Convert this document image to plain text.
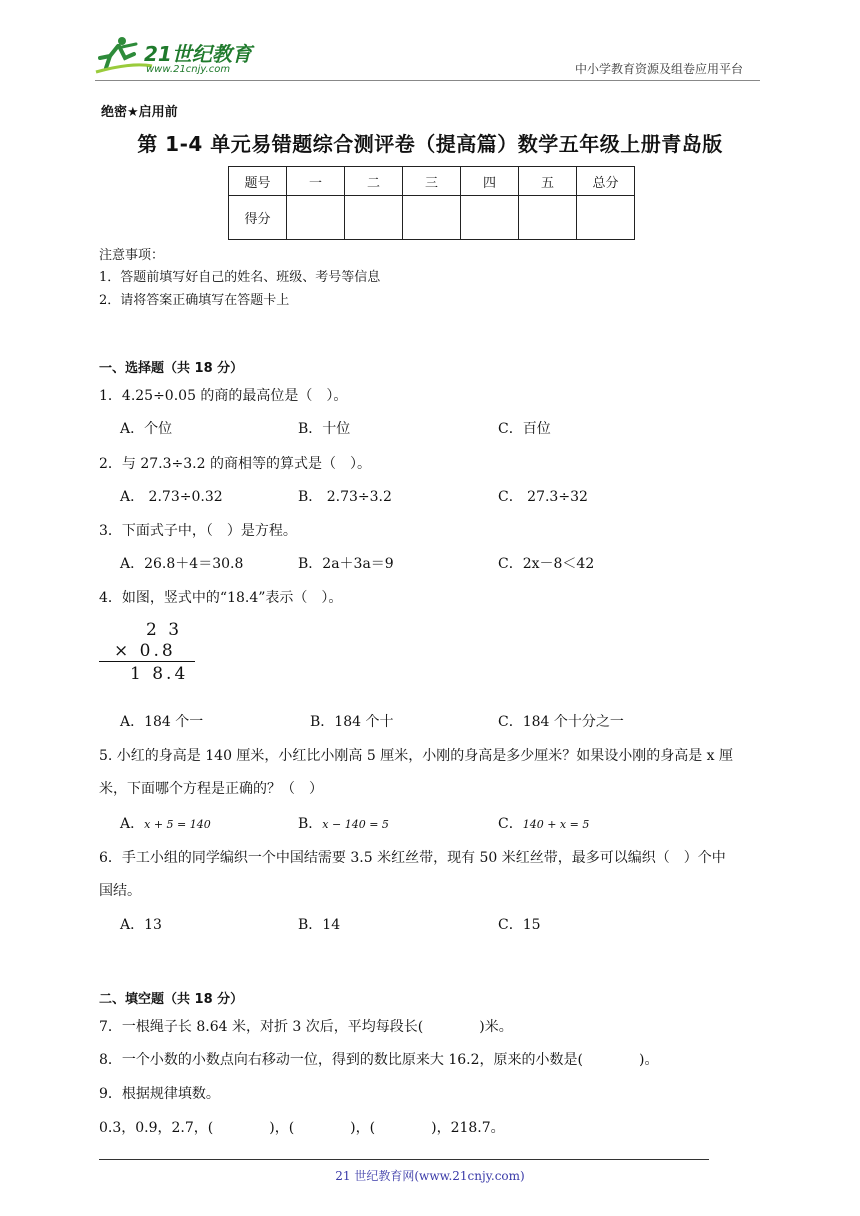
21世纪教育
www.21cnjy.com	中小学教育资源及组卷应用平台
绝密★启用前
第 1-4 单元易错题综合测评卷（提高篇）数学五年级上册青岛版
题号	一	二	三	四	五	总分
得分						
注意事项：
1．答题前填写好自己的姓名、班级、考号等信息
2．请将答案正确填写在答题卡上
一、选择题（共 18 分）
1．4.25÷0.05 的商的最高位是（　）。
A．个位	B．十位	C．百位
2．与 27.3÷3.2 的商相等的算式是（　）。
A． 2.73÷0.32	B． 2.73÷3.2	C． 27.3÷32
3．下面式子中，（　）是方程。
A．26.8＋4＝30.8	B．2a＋3a＝9	C．2x－8＜42
4．如图，竖式中的“18.4”表示（　）。
2 3
× 0.8
1 8.4
A．184 个一	B．184 个十	C．184 个十分之一
5. 小红的身高是 140 厘米，小红比小刚高 5 厘米，小刚的身高是多少厘米？如果设小刚的身高是 x 厘
米，下面哪个方程是正确的？（　）
A．x + 5 = 140	B．x − 140 = 5	C．140 + x = 5
6．手工小组的同学编织一个中国结需要 3.5 米红丝带，现有 50 米红丝带，最多可以编织（　）个中
国结。
A．13	B．14	C．15
二、填空题（共 18 分）
7．一根绳子长 8.64 米，对折 3 次后，平均每段长(　　　　)米。
8．一个小数的小数点向右移动一位，得到的数比原来大 16.2，原来的小数是(　　　　)。
9．根据规律填数。
0.3，0.9，2.7，(　　　　)，(　　　　)，(　　　　)，218.7。
21 世纪教育网(www.21cnjy.com)
